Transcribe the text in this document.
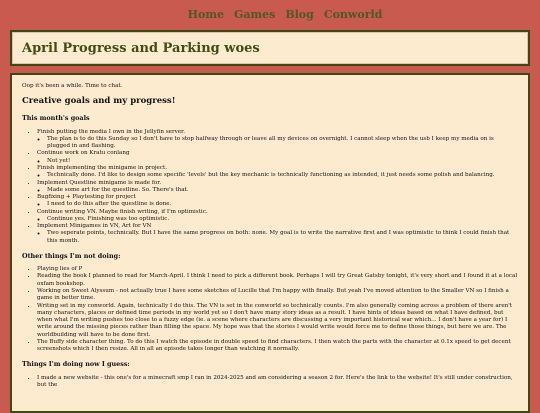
Home Games Blog Conworld
April Progress and Parking woes

Oop it's been a while. Time to chat.

Creative goals and my progress!
This month's goals
• Finish putting the media I own in the Jellyfin server.
◦ The plan is to do this Sunday so I don't have to stop halfway through or leave all my devices on overnight. I cannot sleep when the usb I keep my media on is plugged in and flashing.
• Continue work on Kratu conlang
◦ Not yet!
• Finish implementing the minigame in project.
◦ Technically done. I'd like to design some specific 'levels' but the key mechanic is technically functioning as intended, it just needs some polish and balancing.
• Implement Questline minigame is made for.
◦ Made some art for the questline. So. There's that.
• Bugfixing + Playtesting for project
◦ I need to do this after the questline is done.
• Continue writing VN. Maybe finish writing, if I'm optimistic.
◦ Continue yes. Finishing was too optimistic.
• Implement Minigames in VN, Art for VN
◦ Two seperate points, technically. But I have the same progress on both: none. My goal is to write the narrative first and I was optimistic to think I could finish that this month.
Other things I'm not doing:
• Playing lies of P
• Reading the book I planned to read for March-April. I think I need to pick a different book. Perhaps I will try Great Gatsby tonight, it's very short and I found it at a local oxfam bookshop.
• Working on Sweet Alyssum - not actually true I have some sketches of Lucille that I'm happy with finally. But yeah I've moved attention to the Smaller VN so I finish a game in better time.
• Writing set in my conworld. Again, technically I do this. The VN is set in the conworld so technically counts. I'm also generally coming across a problem of there aren't many characters, places or defined time periods in my world yet so I don't have many story ideas as a result. I have hints of ideas based on what I have defined, but when what I'm writing pushes too close to a fuzzy edge (ie. a scene where characters are discussing a very important historical war which... I don't have a year for) I write around the missing pieces rather than filling the space. My hope was that the stories I would write would force me to define those things, but here we are. The worldbuilding will have to be done first.
• The Buffy side character thing. To do this I watch the episode in double speed to find characters. I then watch the parts with the character at 0.1x speed to get decent screenshots which I then resize. All in all an episode takes longer than watching it normally.
Things I'm doing now I guess:
• I made a new website - this one's for a minecraft smp I ran in 2024-2025 and am considering a season 2 for. Here's the link to the website! It's still under construction, but the
